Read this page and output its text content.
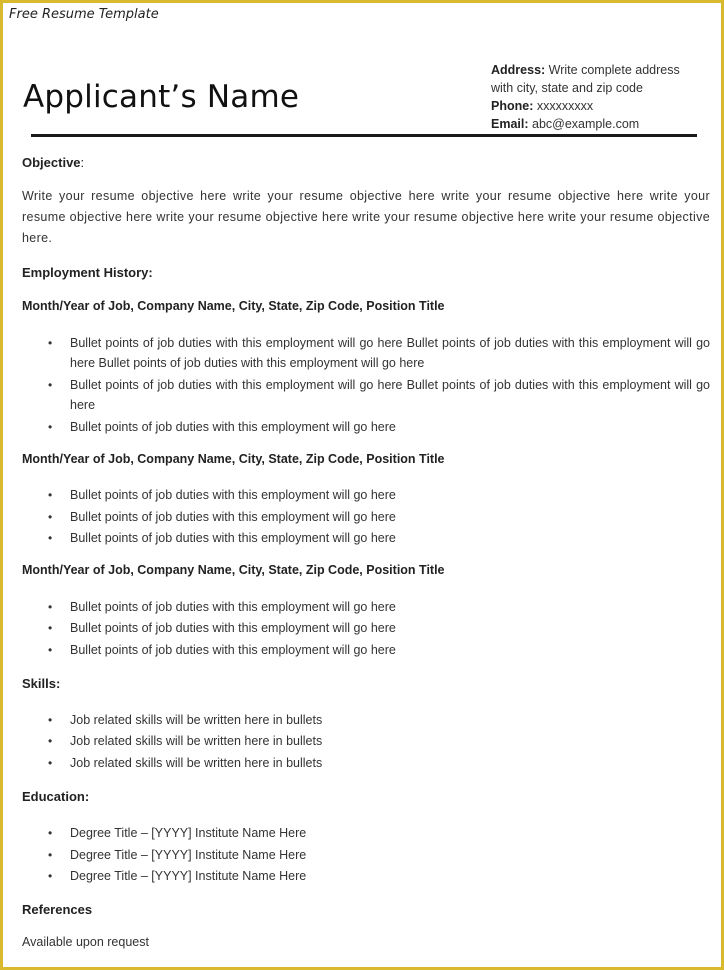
Free Resume Template
Applicant’s Name
Address: Write complete address
with city, state and zip code
Phone: xxxxxxxxx
Email: abc@example.com
Objective:
Write your resume objective here write your resume objective here write your resume objective here write your resume objective here write your resume objective here write your resume objective here write your resume objective here.
Employment History:
Month/Year of Job, Company Name, City, State, Zip Code, Position Title
• Bullet points of job duties with this employment will go here Bullet points of job duties with this employment will go here Bullet points of job duties with this employment will go here
• Bullet points of job duties with this employment will go here Bullet points of job duties with this employment will go here
• Bullet points of job duties with this employment will go here
Month/Year of Job, Company Name, City, State, Zip Code, Position Title
• Bullet points of job duties with this employment will go here
• Bullet points of job duties with this employment will go here
• Bullet points of job duties with this employment will go here
Month/Year of Job, Company Name, City, State, Zip Code, Position Title
• Bullet points of job duties with this employment will go here
• Bullet points of job duties with this employment will go here
• Bullet points of job duties with this employment will go here
Skills:
• Job related skills will be written here in bullets
• Job related skills will be written here in bullets
• Job related skills will be written here in bullets
Education:
• Degree Title – [YYYY] Institute Name Here
• Degree Title – [YYYY] Institute Name Here
• Degree Title – [YYYY] Institute Name Here
References
Available upon request
